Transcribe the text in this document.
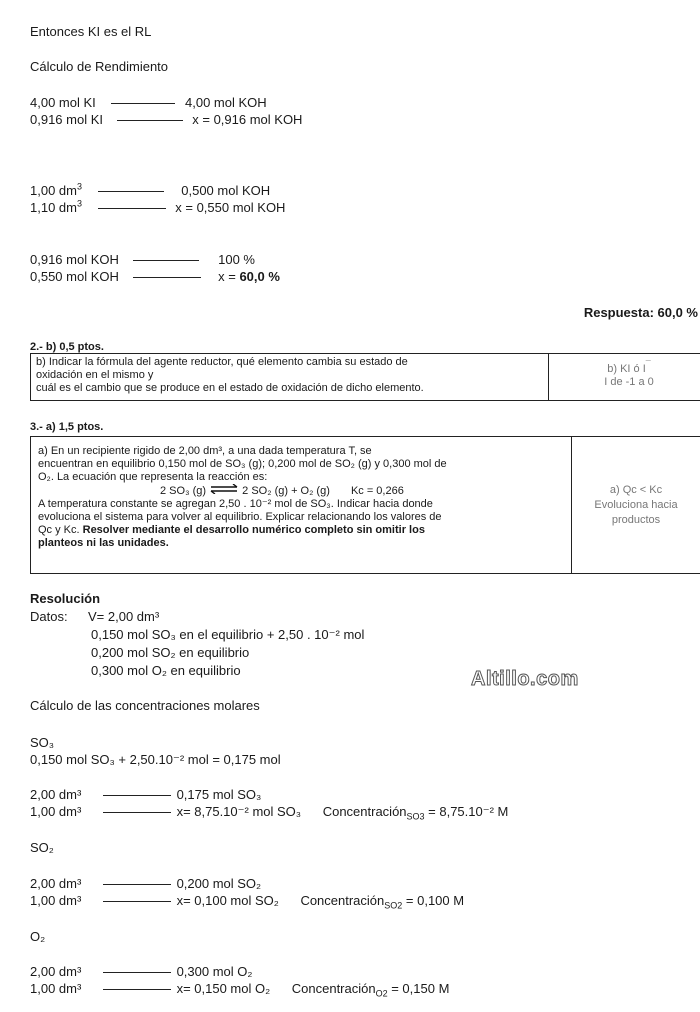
Entonces KI es el RL
Cálculo de Rendimiento
4,00 mol KI	4,00 mol KOH
0,916 mol KI	x = 0,916 mol KOH
1,00 $dm^3$	0,500 mol KOH
1,10 $dm^3$	x = 0,550 mol KOH
0,916 mol KOH	100 %
0,550 mol KOH	x = 60,0 %
Respuesta: 60,0 %
2.- b) 0,5 ptos.
b) Indicar la fórmula del agente reductor, qué elemento cambia su estado de
oxidación en el mismo y
cuál es el cambio que se produce en el estado de oxidación de dicho elemento.
b) KI ó I¯
I de -1 a 0
3.- a) 1,5 ptos.
a) En un recipiente rigido de 2,00 dm³, a una dada temperatura T, se
encuentran en equilibrio 0,150 mol de SO₃ (g); 0,200 mol de SO₂ (g) y 0,300 mol de
O₂. La ecuación que representa la reacción es:
2 SO₃ (g) ⇌ 2 SO₂ (g) + O₂ (g) Kc = 0,266
A temperatura constante se agregan 2,50 . 10⁻² mol de SO₃. Indicar hacia donde
evoluciona el sistema para volver al equilibrio. Explicar relacionando los valores de
Qc y Kc. Resolver mediante el desarrollo numérico completo sin omitir los
planteos ni las unidades.
a) Qc < Kc
Evoluciona hacia
productos
Resolución
Datos: V= 2,00 dm³
0,150 mol SO₃ en el equilibrio + 2,50 . 10⁻² mol
0,200 mol SO₂ en equilibrio
0,300 mol O₂ en equilibrio	Altillo.com
Cálculo de las concentraciones molares
SO₃
0,150 mol SO₃ + 2,50.10⁻² mol = 0,175 mol
2,00 dm³	0,175 mol SO₃
1,00 dm³	x= 8,75.10⁻² mol SO₃ Concentración$_{SO3}$ = 8,75.10⁻² M
SO₂
2,00 dm³	0,200 mol SO₂
1,00 dm³	x= 0,100 mol SO₂ Concentración$_{SO2}$ = 0,100 M
O₂
2,00 dm³	0,300 mol O₂
1,00 dm³	x= 0,150 mol O₂ Concentración$_{O2}$ = 0,150 M
